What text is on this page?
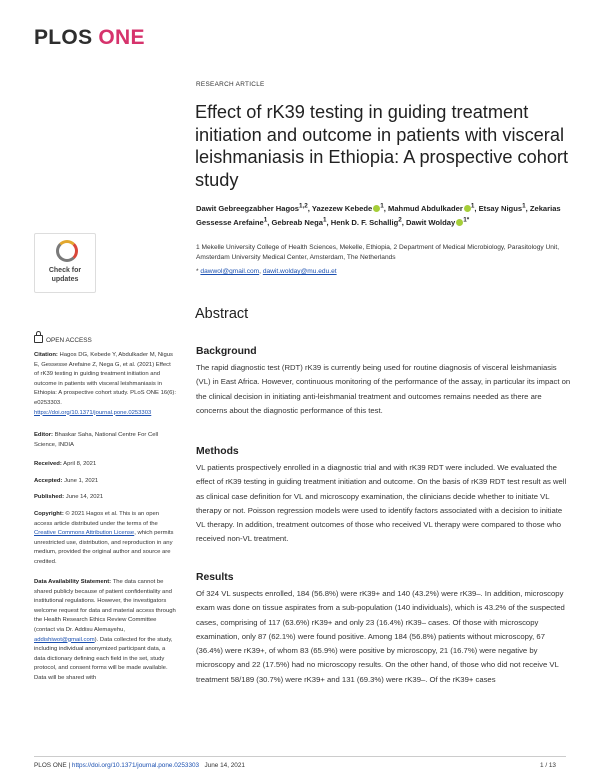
PLOS ONE
Check for
updates
OPEN ACCESS
Citation: Hagos DG, Kebede Y, Abdulkader M, Nigus E, Gessesse Arefaine Z, Nega G, et al. (2021) Effect of rK39 testing in guiding treatment initiation and outcome in patients with visceral leishmaniasis in Ethiopia: A prospective cohort study. PLoS ONE 16(6): e0253303. https://doi.org/10.1371/journal.pone.0253303
Editor: Bhaskar Saha, National Centre For Cell Science, INDIA
Received: April 8, 2021
Accepted: June 1, 2021
Published: June 14, 2021
Copyright: © 2021 Hagos et al. This is an open access article distributed under the terms of the Creative Commons Attribution License, which permits unrestricted use, distribution, and reproduction in any medium, provided the original author and source are credited.
Data Availability Statement: The data cannot be shared publicly because of patient confidentiality and institutional regulations. However, the investigators welcome request for data and material access through the Health Research Ethics Review Committee (contact via Dr. Addisu Alemayehu, addishiwot@gmail.com). Data collected for the study, including individual anonymized participant data, a data dictionary defining each field in the set, study protocol, and consent forms will be made available. Data will be shared with
RESEARCH ARTICLE
Effect of rK39 testing in guiding treatment initiation and outcome in patients with visceral leishmaniasis in Ethiopia: A prospective cohort study
Dawit Gebreegzabher Hagos$^{1,2}$, Yazezew Kebede $^1$, Mahmud Abdulkader $^1$, Etsay Nigus$^1$, Zekarias Gessesse Arefaine$^1$, Gebreab Nega$^1$, Henk D. F. Schallig$^2$, Dawit Wolday $^{1*}$
1 Mekelle University College of Health Sciences, Mekelle, Ethiopia, 2 Department of Medical Microbiology, Parasitology Unit, Amsterdam University Medical Center, Amsterdam, The Netherlands
* dawwol@gmail.com, dawit.wolday@mu.edu.et
Abstract
Background
The rapid diagnostic test (RDT) rK39 is currently being used for routine diagnosis of visceral leishmaniasis (VL) in East Africa. However, continuous monitoring of the performance of the assay, in particular its impact on the clinical decision in initiating anti-leishmanial treatment and outcomes remains needed as there are concerns about the diagnostic performance of this test.
Methods
VL patients prospectively enrolled in a diagnostic trial and with rK39 RDT were included. We evaluated the effect of rK39 testing in guiding treatment initiation and outcome. On the basis of rK39 RDT test result as well as clinical case definition for VL and microscopy examination, the clinicians decide whether to initiate VL therapy or not. Poisson regression models were used to identify factors associated with a decision to initiate VL therapy. In addition, treatment outcomes of those who received VL therapy were compared to those who received non-VL treatment.
Results
Of 324 VL suspects enrolled, 184 (56.8%) were rK39+ and 140 (43.2%) were rK39–. In addition, microscopy exam was done on tissue aspirates from a sub-population (140 individuals), which is 43.2% of the suspected cases, comprising of 117 (63.6%) rK39+ and only 23 (16.4%) rK39– cases. Of those with microscopy examination, only 87 (62.1%) were found positive. Among 184 (56.8%) patients without microscopy, 67 (36.4%) were rK39+, of whom 83 (65.9%) were positive by microscopy, 21 (16.7%) were negative by microscopy and 22 (17.5%) had no microscopy results. On the other hand, of those who did not receive VL treatment 58/189 (30.7%) were rK39+ and 131 (69.3%) were rK39–. Of the rK39+ cases
PLOS ONE | https://doi.org/10.1371/journal.pone.0253303 June 14, 2021	1 / 13
